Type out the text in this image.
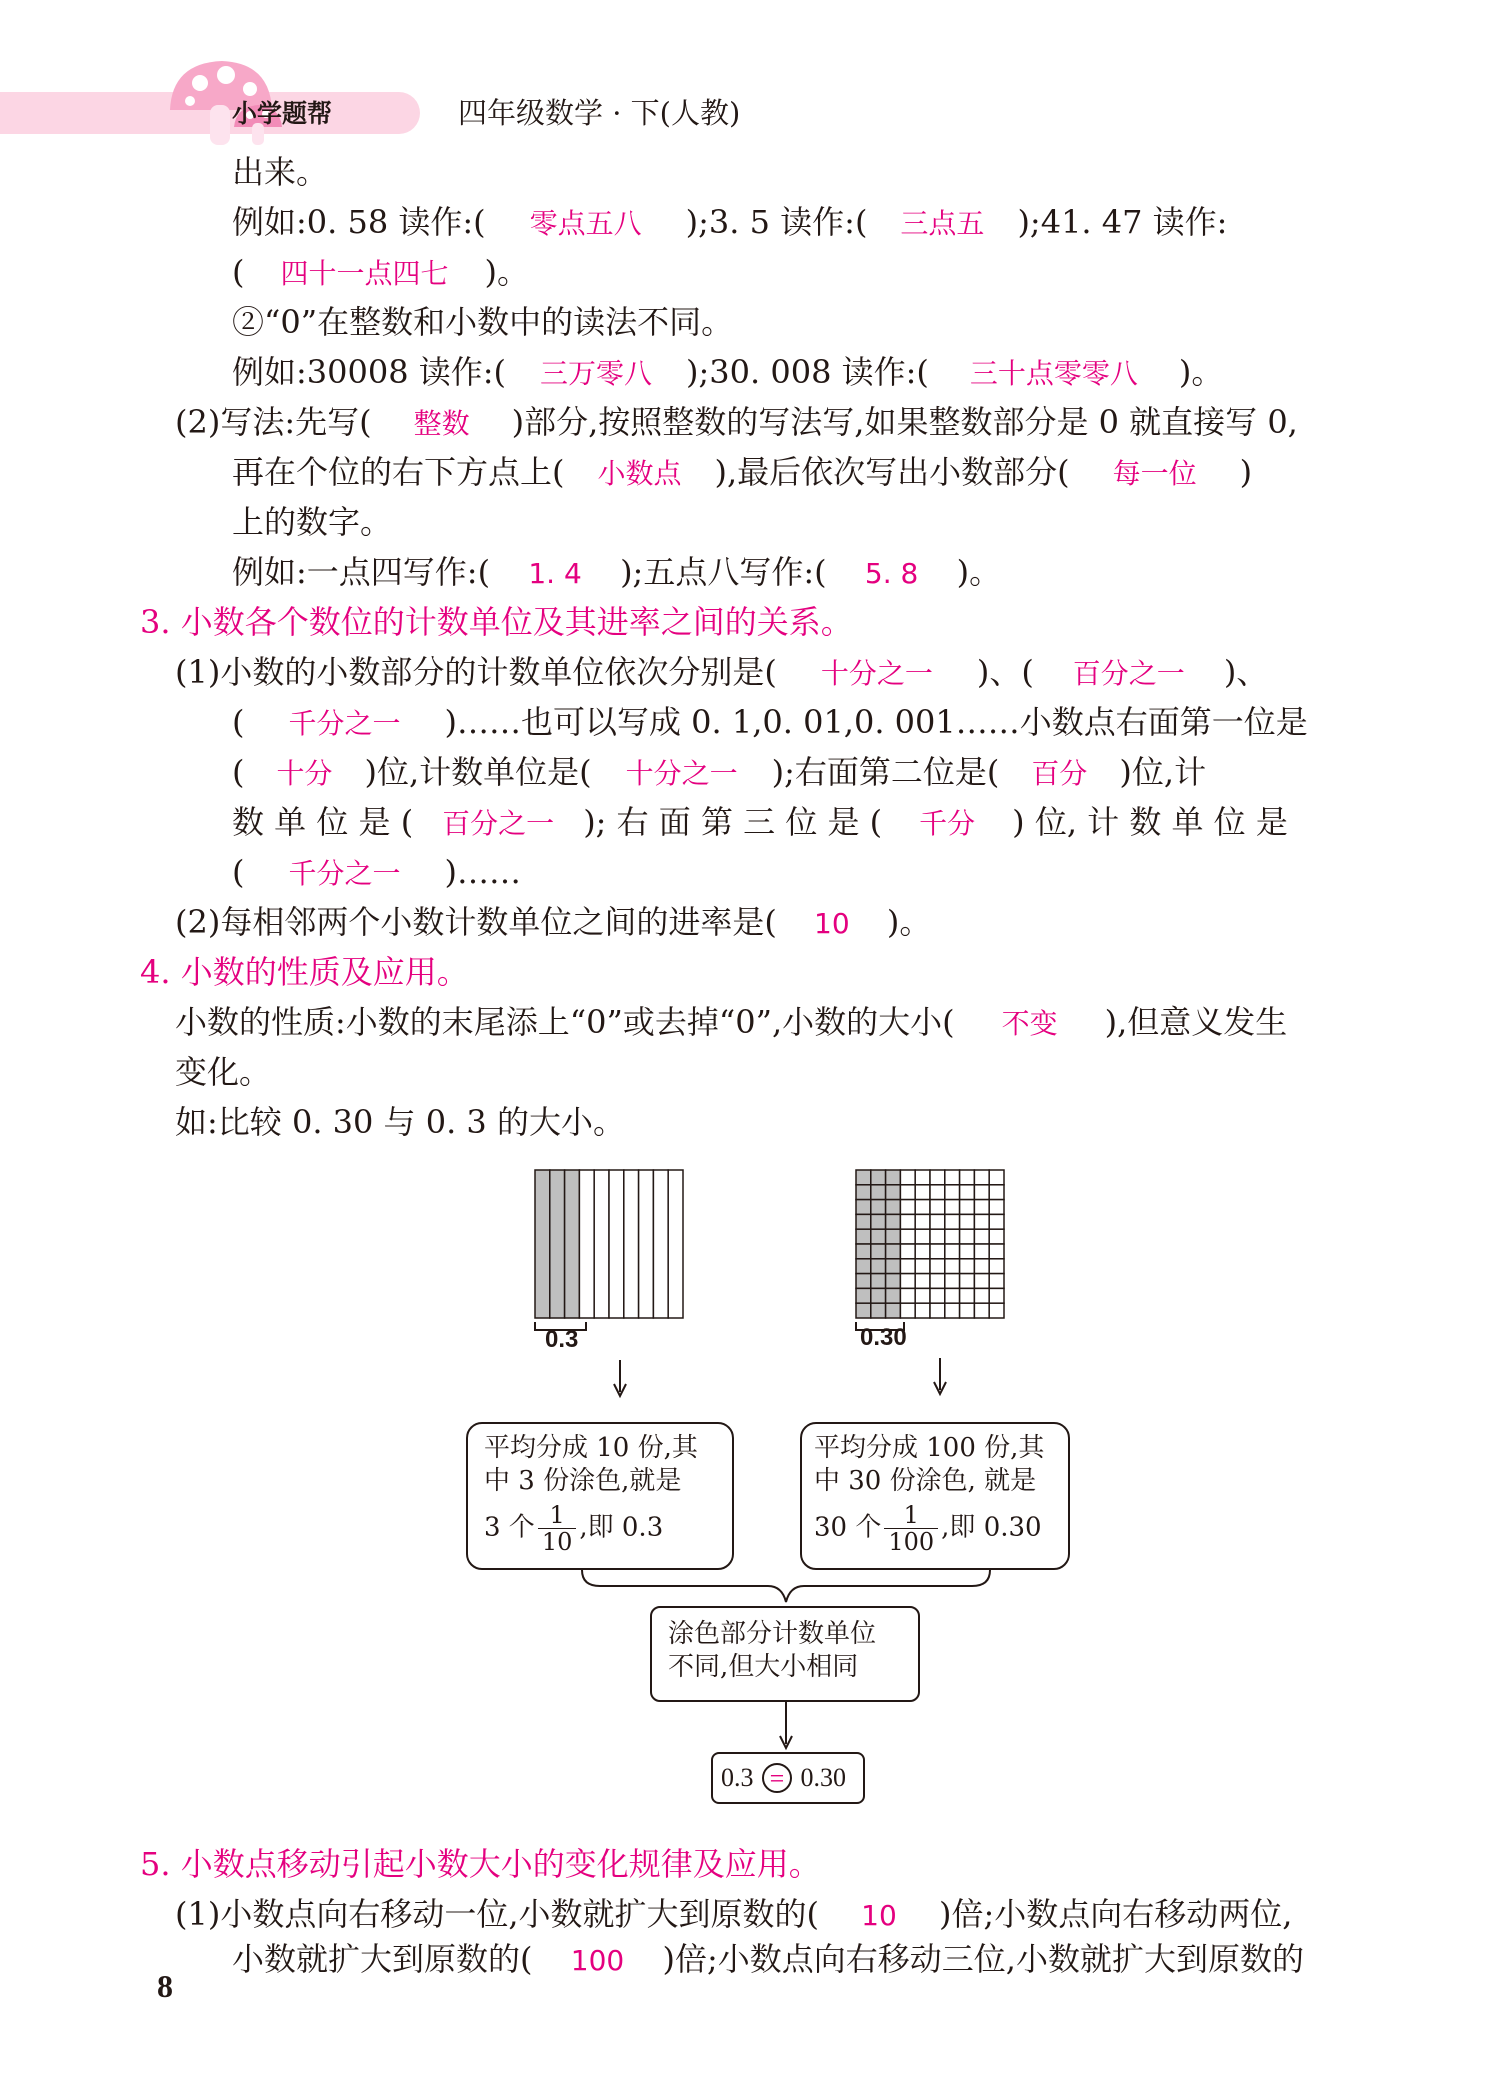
小学题帮	四年级数学 · 下(人教)
出来。
例如:0. 58 读作:( 零点五八 );3. 5 读作:( 三点五 );41. 47 读作:
( 四十一点四七 )。
②“0”在整数和小数中的读法不同。
例如:30008 读作:( 三万零八 );30. 008 读作:( 三十点零零八 )。
(2)写法:先写( 整数 )部分,按照整数的写法写,如果整数部分是 0 就直接写 0,
再在个位的右下方点上( 小数点 ),最后依次写出小数部分( 每一位 )
上的数字。
例如:一点四写作:( 1. 4 );五点八写作:( 5. 8 )。
3. 小数各个数位的计数单位及其进率之间的关系。
(1)小数的小数部分的计数单位依次分别是( 十分之一 )、( 百分之一 )、
( 千分之一 )……也可以写成 0. 1,0. 01,0. 001……小数点右面第一位是
( 十分 )位,计数单位是( 十分之一 );右面第二位是( 百分 )位,计
数 单 位 是 ( 百分之一 ); 右 面 第 三 位 是 ( 千分 ) 位, 计 数 单 位 是
( 千分之一 )……
(2)每相邻两个小数计数单位之间的进率是( 10 )。
4. 小数的性质及应用。
小数的性质:小数的末尾添上“0”或去掉“0”,小数的大小( 不变 ),但意义发生
变化。
如:比较 0. 30 与 0. 3 的大小。
0.3	0.30
平均分成 10 份,其
中 3 份涂色,就是
3 个 $\frac{1}{10}$ ,即 0.3
平均分成 100 份,其
中 30 份涂色, 就是
30 个 $\frac{1}{100}$ ,即 0.30
涂色部分计数单位
不同,但大小相同
0.3 = 0.30
5. 小数点移动引起小数大小的变化规律及应用。
(1)小数点向右移动一位,小数就扩大到原数的( 10 )倍;小数点向右移动两位,
小数就扩大到原数的( 100 )倍;小数点向右移动三位,小数就扩大到原数的
8
